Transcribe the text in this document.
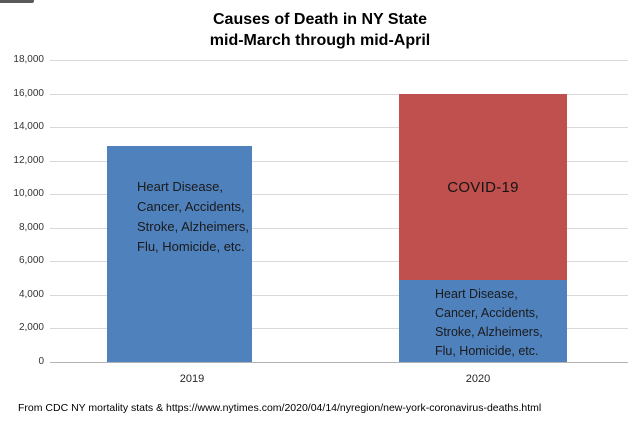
Causes of Death in NY State
mid-March through mid-April
18,000
16,000
14,000
12,000
10,000
8,000
6,000
4,000
2,000
0
Heart Disease,
Cancer, Accidents,
Stroke, Alzheimers,
Flu, Homicide, etc.
COVID-19
Heart Disease,
Cancer, Accidents,
Stroke, Alzheimers,
Flu, Homicide, etc.
2019	2020
From CDC NY mortality stats & https://www.nytimes.com/2020/04/14/nyregion/new-york-coronavirus-deaths.html
